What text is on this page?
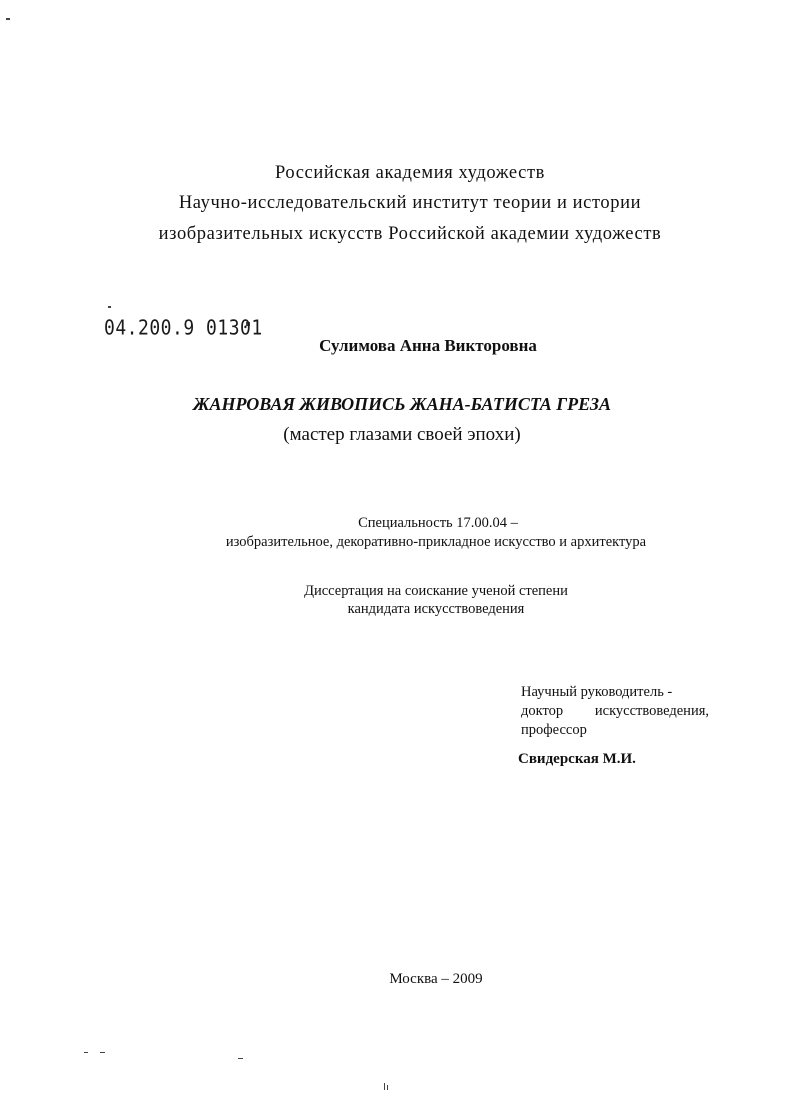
Российская академия художеств
Научно-исследовательский институт теории и истории
изобразительных искусств Российской академии художеств
04.200.9 01301
Сулимова Анна Викторовна
ЖАНРОВАЯ ЖИВОПИСЬ ЖАНА-БАТИСТА ГРЕЗА
(мастер глазами своей эпохи)
Специальность 17.00.04 –
изобразительное, декоративно-прикладное искусство и архитектура
Диссертация на соискание ученой степени
кандидата искусствоведения
Научный руководитель -
доктор искусствоведения,
профессор
Свидерская М.И.
Москва – 2009
